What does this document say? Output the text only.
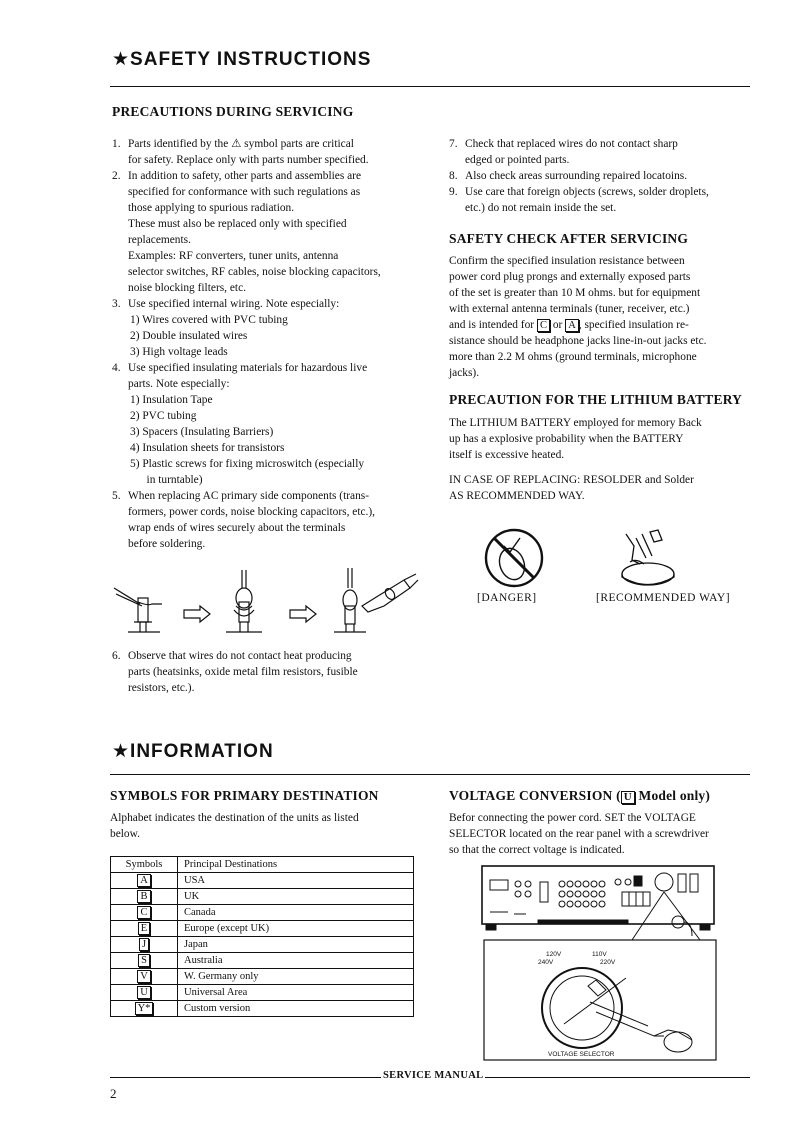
★SAFETY INSTRUCTIONS
PRECAUTIONS DURING SERVICING
1. Parts identified by the ⚠ symbol parts are critical
for safety. Replace only with parts number specified.
2. In addition to safety, other parts and assemblies are
specified for conformance with such regulations as
those applying to spurious radiation.
These must also be replaced only with specified
replacements.
Examples: RF converters, tuner units, antenna
selector switches, RF cables, noise blocking capacitors,
noise blocking filters, etc.
3. Use specified internal wiring. Note especially:
1) Wires covered with PVC tubing
2) Double insulated wires
3) High voltage leads
4. Use specified insulating materials for hazardous live
parts. Note especially:
1) Insulation Tape
2) PVC tubing
3) Spacers (Insulating Barriers)
4) Insulation sheets for transistors
5) Plastic screws for fixing microswitch (especially
in turntable)
5. When replacing AC primary side components (trans-
formers, power cords, noise blocking capacitors, etc.),
wrap ends of wires securely about the terminals
before soldering.
6. Observe that wires do not contact heat producing
parts (heatsinks, oxide metal film resistors, fusible
resistors, etc.).
7. Check that replaced wires do not contact sharp
edged or pointed parts.
8. Also check areas surrounding repaired locatoins.
9. Use care that foreign objects (screws, solder droplets,
etc.) do not remain inside the set.
SAFETY CHECK AFTER SERVICING
Confirm the specified insulation resistance between
power cord plug prongs and externally exposed parts
of the set is greater than 10 M ohms. but for equipment
with external antenna terminals (tuner, receiver, etc.)
and is intended for C or A , specified insulation re-
sistance should be headphone jacks line-in-out jacks etc.
more than 2.2 M ohms (ground terminals, microphone
jacks).
PRECAUTION FOR THE LITHIUM BATTERY
The LITHIUM BATTERY employed for memory Back
up has a explosive probability when the BATTERY
itself is excessive heated.
IN CASE OF REPLACING: RESOLDER and Solder
AS RECOMMENDED WAY.
[DANGER]	[RECOMMENDED WAY]
★INFORMATION
SYMBOLS FOR PRIMARY DESTINATION
Alphabet indicates the destination of the units as listed
below.
Symbols	Principal Destinations
A	USA
B	UK
C	Canada
E	Europe (except UK)
J	Japan
S	Australia
V	W. Germany only
U	Universal Area
Y*	Custom version
VOLTAGE CONVERSION ( U Model only)
Befor connecting the power cord. SET the VOLTAGE
SELECTOR located on the rear panel with a screwdriver
so that the correct voltage is indicated.
120V	110V
240V	220V
VOLTAGE SELECTOR
SERVICE MANUAL
2
